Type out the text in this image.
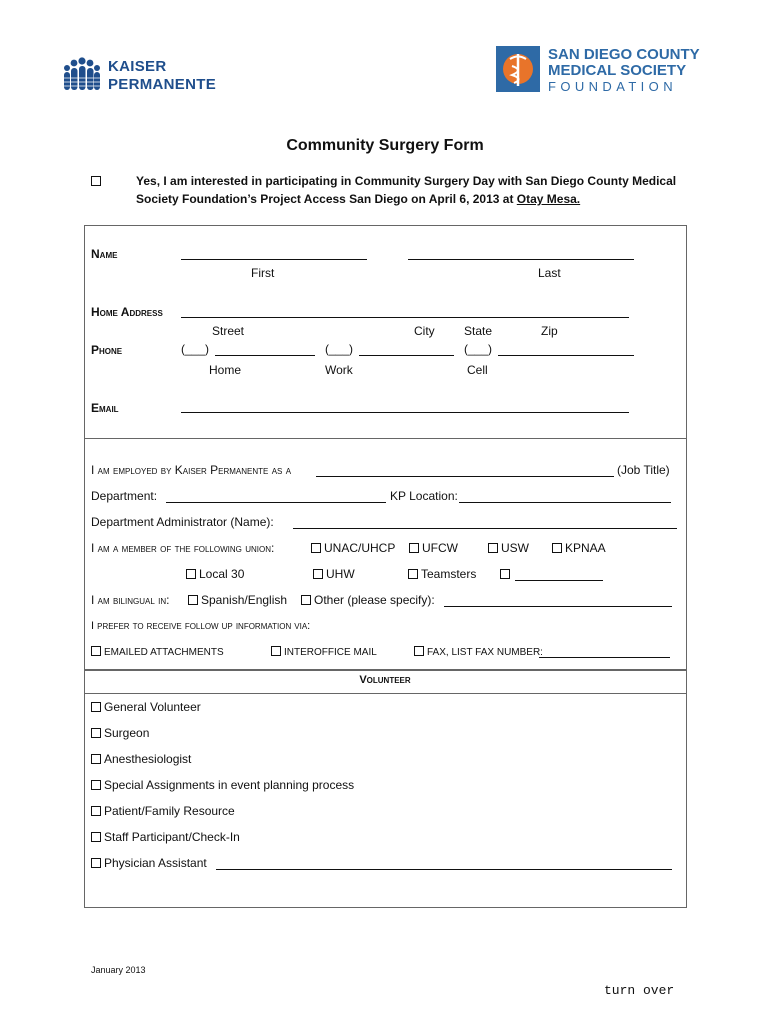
KAISER
PERMANENTE
SAN DIEGO COUNTY
MEDICAL SOCIETY
FOUNDATION
Community Surgery Form
Yes, I am interested in participating in Community Surgery Day with San Diego County Medical
Society Foundation’s Project Access San Diego on April 6, 2013 at Otay Mesa.
Name
First	Last
Home Address
Street	City State	Zip
Phone	(___)	(___)	(___)
Home	Work	Cell
Email
I am employed by Kaiser Permanente as a	(Job Title)
Department:	KP Location:
Department Administrator (Name):
I am a member of the following union:	UNAC/UHCP	UFCW	USW	KPNAA
Local 30	UHW	Teamsters
I am bilingual in:	Spanish/English	Other (please specify):
I prefer to receive follow up information via:
EMAILED ATTACHMENTS	INTEROFFICE MAIL	FAX, LIST FAX NUMBER:
Volunteer
General Volunteer
Surgeon
Anesthesiologist
Special Assignments in event planning process
Patient/Family Resource
Staff Participant/Check-In
Physician Assistant
January 2013
turn over
